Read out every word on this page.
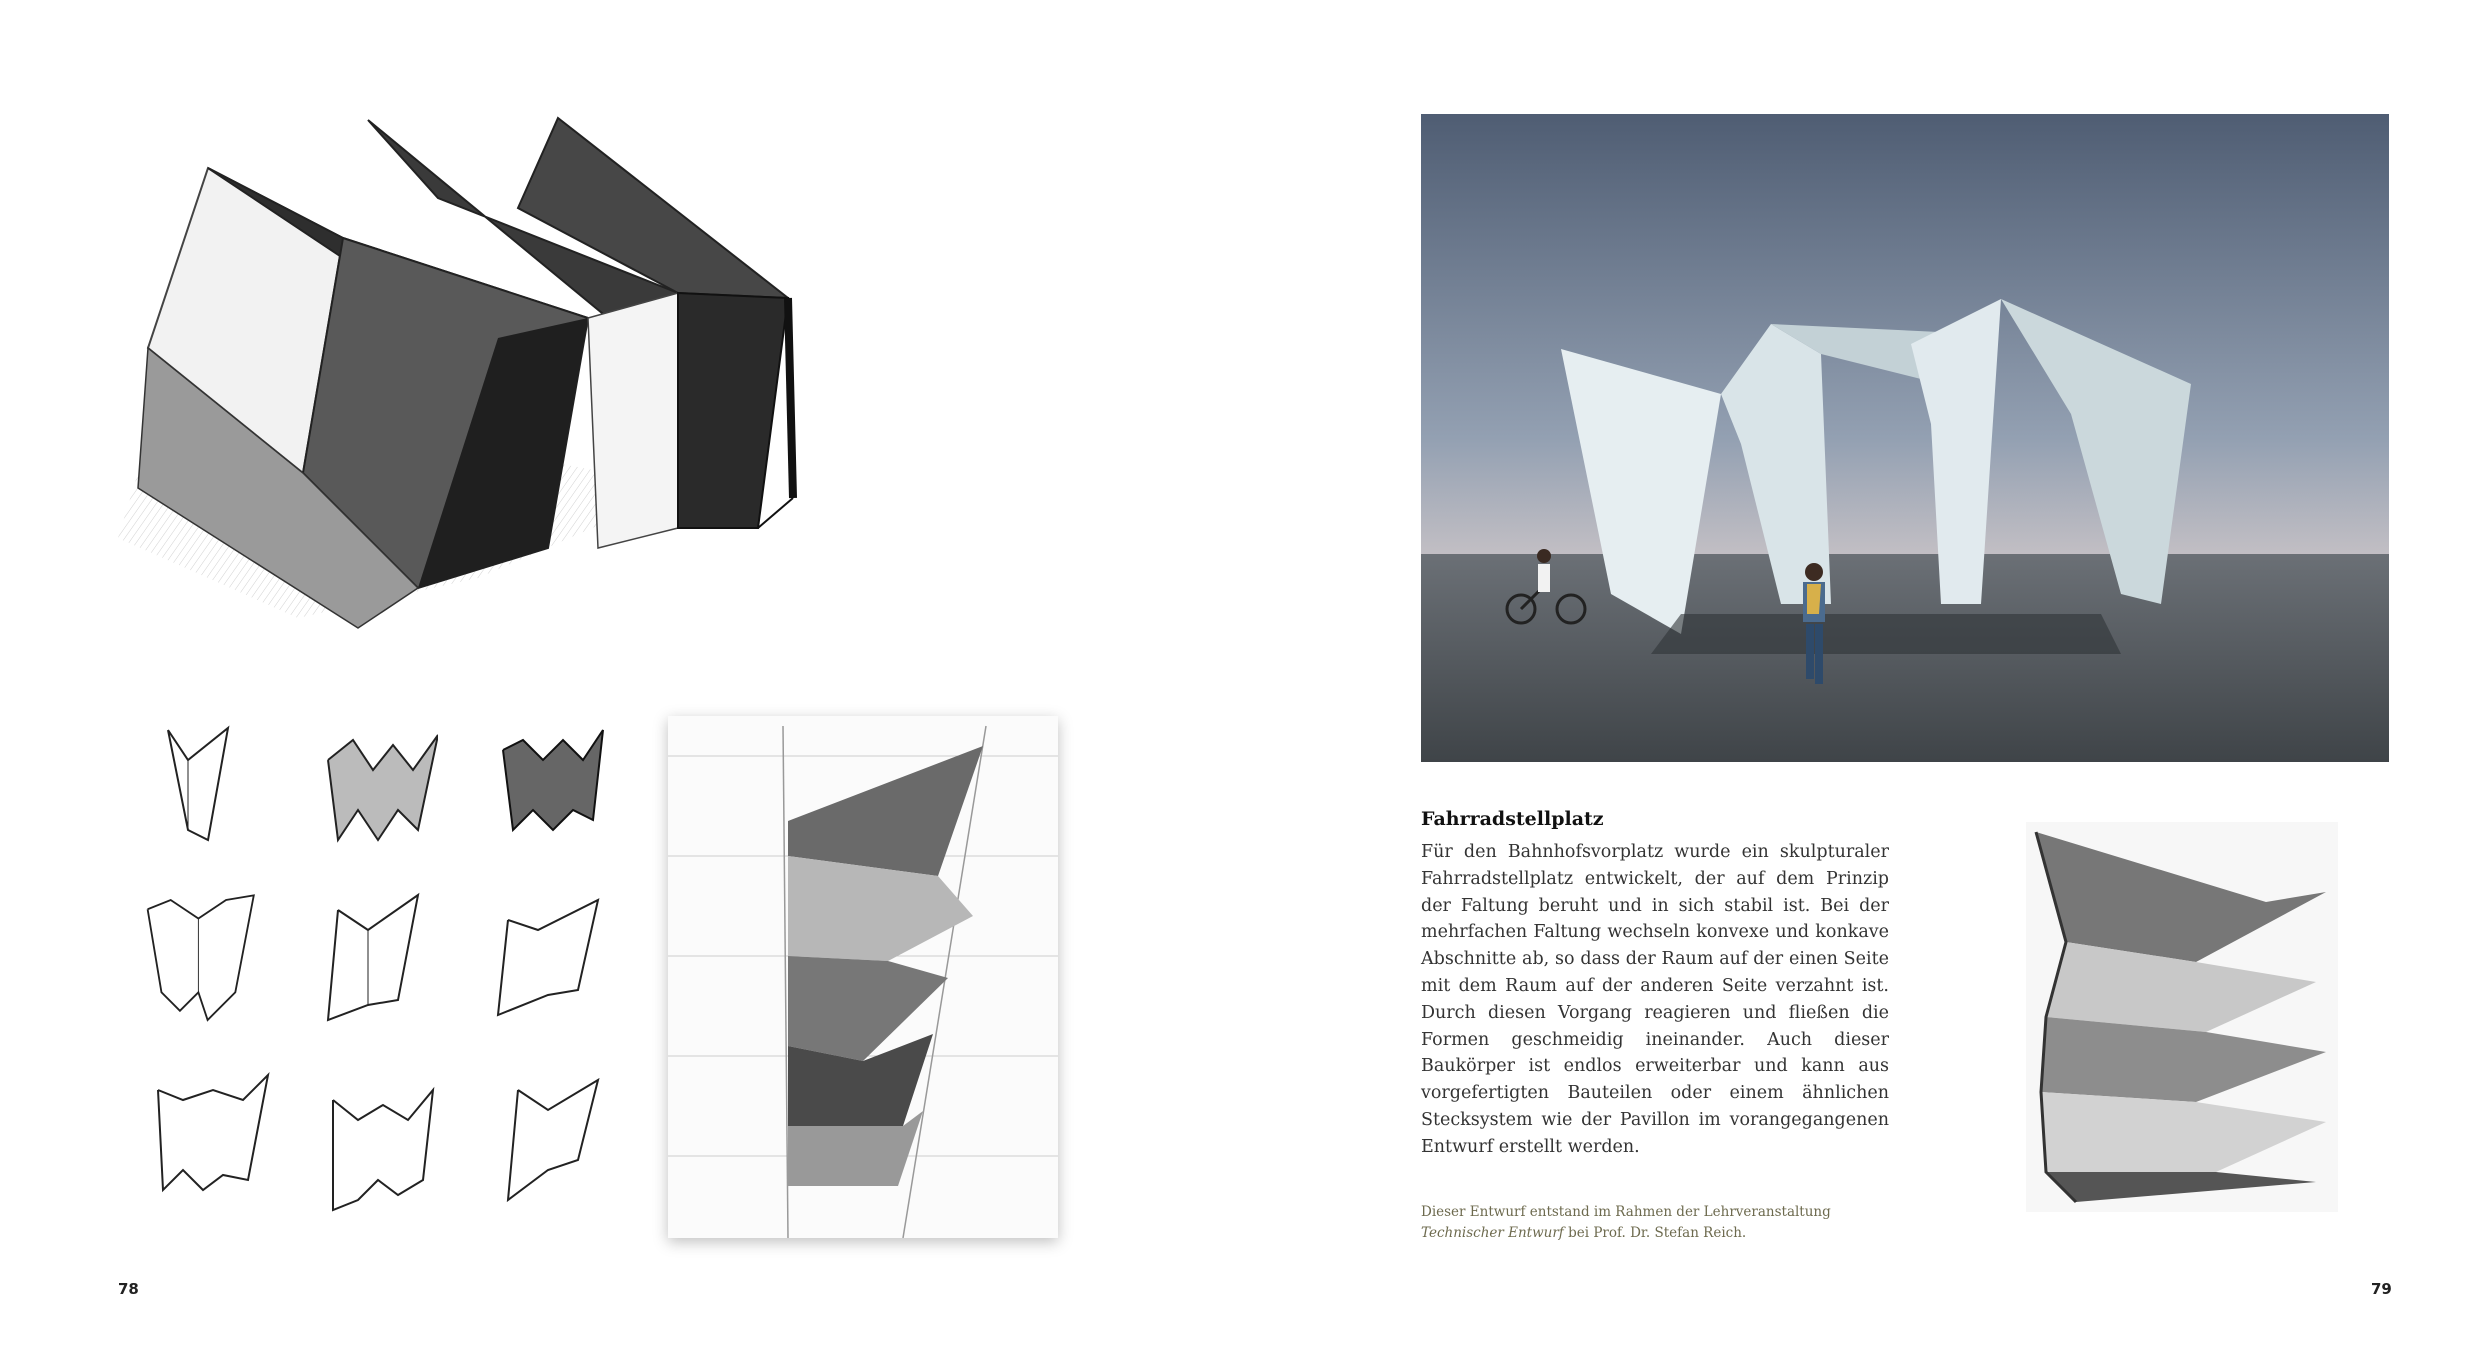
78	79
Fahrradstellplatz

Für den Bahnhofsvorplatz wurde ein skulpturaler Fahrradstellplatz entwickelt, der auf dem Prinzip der Faltung beruht und in sich stabil ist. Bei der mehrfachen Faltung wechseln konvexe und konkave Abschnitte ab, so dass der Raum auf der einen Seite mit dem Raum auf der anderen Seite verzahnt ist. Durch diesen Vorgang reagieren und fließen die Formen geschmeidig ineinander. Auch dieser Baukörper ist endlos erweiterbar und kann aus vorgefertigten Bauteilen oder einem ähnlichen Stecksystem wie der Pavillon im vorangegangenen Entwurf erstellt werden.

Dieser Entwurf entstand im Rahmen der Lehrveranstaltung
Technischer Entwurf bei Prof. Dr. Stefan Reich.
